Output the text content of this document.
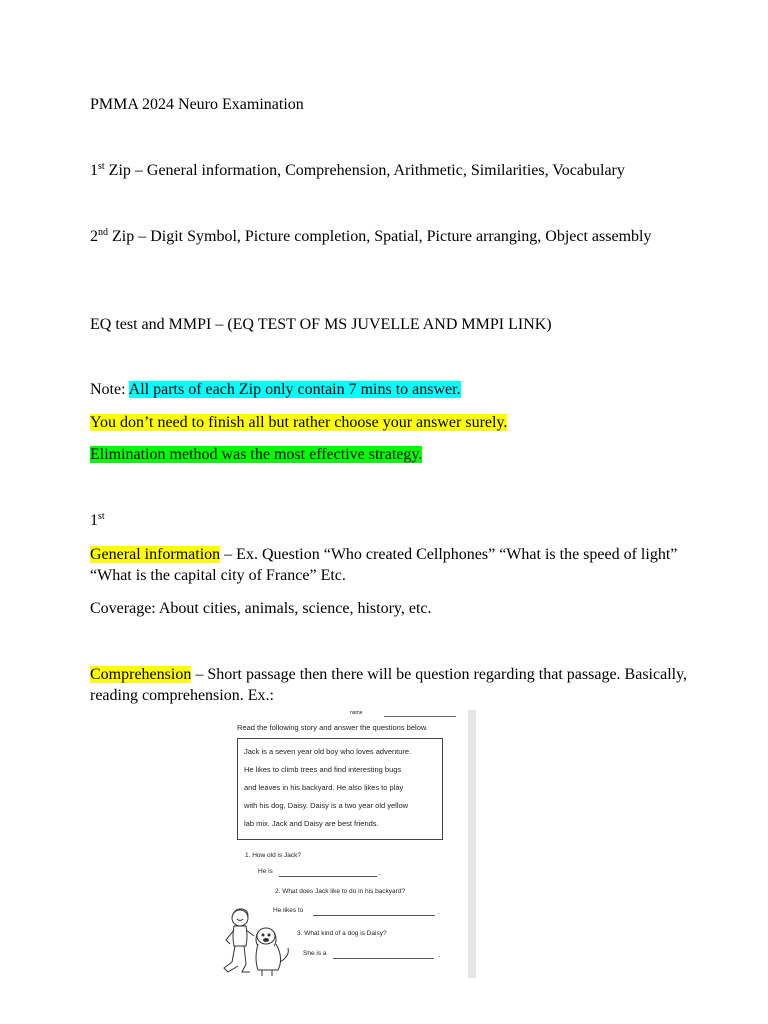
PMMA 2024 Neuro Examination

1st Zip – General information, Comprehension, Arithmetic, Similarities, Vocabulary

2nd Zip – Digit Symbol, Picture completion, Spatial, Picture arranging, Object assembly

EQ test and MMPI – (EQ TEST OF MS JUVELLE AND MMPI LINK)

Note: All parts of each Zip only contain 7 mins to answer.

You don’t need to finish all but rather choose your answer surely.

Elimination method was the most effective strategy.

1st

General information – Ex. Question “Who created Cellphones” “What is the speed of light” “What is the capital city of France” Etc.

Coverage: About cities, animals, science, history, etc.

Comprehension – Short passage then there will be question regarding that passage. Basically, reading comprehension. Ex.:

name
Read the following story and answer the questions below.
Jack is a seven year old boy who loves adventure.
He likes to climb trees and find interesting bugs
and leaves in his backyard. He also likes to play
with his dog, Daisy. Daisy is a two year old yellow
lab mix. Jack and Daisy are best friends.
1. How old is Jack?
He is	.
2. What does Jack like to do in his backyard?
He likes to	.
3. What kind of a dog is Daisy?
She is a	.
